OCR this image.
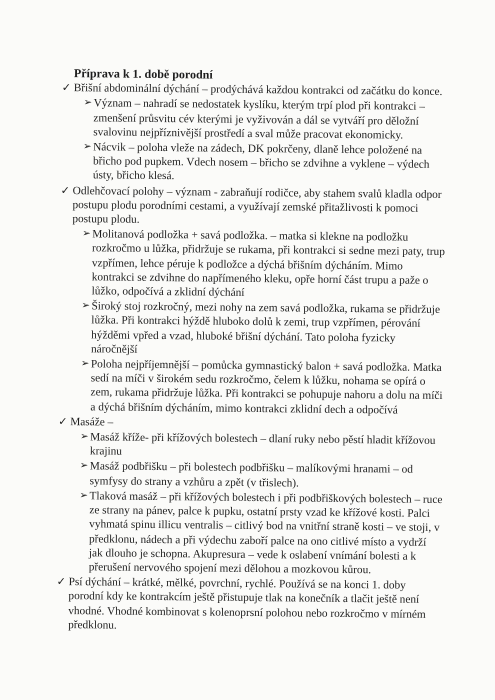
Příprava k 1. době porodní
✓ Břišní abdominální dýchání – prodýchává každou kontrakci od začátku do konce.
➢ Význam – nahradí se nedostatek kyslíku, kterým trpí plod při kontrakci – zmenšení průsvitu cév kterými je vyživován a dál se vytváří pro děložní svalovinu nejpříznivější prostředí a sval může pracovat ekonomicky.
➢ Nácvik – poloha vleže na zádech, DK pokrčeny, dlaně lehce položené na břicho pod pupkem. Vdech nosem – břicho se zdvihne a vyklene – výdech ústy, břicho klesá.
✓ Odlehčovací polohy – význam - zabraňují rodičce, aby stahem svalů kladla odpor postupu plodu porodními cestami, a využívají zemské přitažlivosti k pomoci postupu plodu.
➢ Molitanová podložka + savá podložka. – matka si klekne na podložku rozkročmo u lůžka, přidržuje se rukama, při kontrakci si sedne mezi paty, trup vzpřímen, lehce péruje k podložce a dýchá břišním dýcháním. Mimo kontrakci se zdvihne do napřímeného kleku, opře horní část trupu a paže o lůžko, odpočívá a zklidní dýchání
➢ Široký stoj rozkročný, mezi nohy na zem savá podložka, rukama se přidržuje lůžka. Při kontrakci hýždě hluboko dolů k zemi, trup vzpřímen, pérování hýžděmi vpřed a vzad, hluboké břišní dýchání. Tato poloha fyzicky náročnější
➢ Poloha nejpříjemnější – pomůcka gymnastický balon + savá podložka. Matka sedí na míči v širokém sedu rozkročmo, čelem k lůžku, nohama se opírá o zem, rukama přidržuje lůžka. Při kontrakci se pohupuje nahoru a dolu na míči a dýchá břišním dýcháním, mimo kontrakci zklidní dech a odpočívá
✓ Masáže –
➢ Masáž kříže- při křížových bolestech – dlaní ruky nebo pěstí hladit křížovou krajinu
➢ Masáž podbřišku – při bolestech podbřišku – malíkovými hranami – od symfysy do strany a vzhůru a zpět (v třislech).
➢ Tlaková masáž – při křížových bolestech i při podbřiškových bolestech – ruce ze strany na pánev, palce k pupku, ostatní prsty vzad ke křížové kosti. Palci vyhmatá spinu illicu ventralis – citlivý bod na vnitřní straně kosti – ve stoji, v předklonu, nádech a při výdechu zaboří palce na ono citlivé místo a vydrží jak dlouho je schopna. Akupresura – vede k oslabení vnímání bolesti a k přerušení nervového spojení mezi dělohou a mozkovou kůrou.
✓ Psí dýchání – krátké, mělké, povrchní, rychlé. Používá se na konci 1. doby porodní kdy ke kontrakcím ještě přistupuje tlak na konečník a tlačit ještě není vhodné. Vhodné kombinovat s kolenoprsní polohou nebo rozkročmo v mírném předklonu.
